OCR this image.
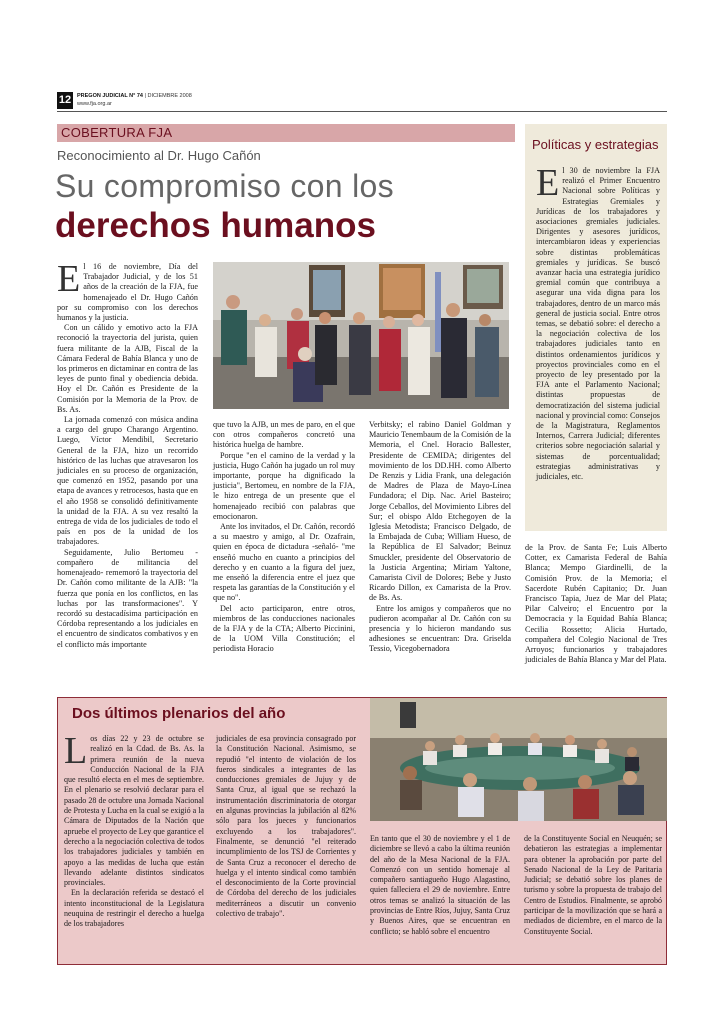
12	PREGON JUDICIAL N° 74 | DICIEMBRE 2008
www.fja.org.ar
COBERTURA FJA
Reconocimiento al Dr. Hugo Cañón
Su compromiso con los
derechos humanos

El 16 de noviembre, Día del Trabajador Judicial, y de los 51 años de la creación de la FJA, fue homenajeado el Dr. Hugo Cañón por su compromiso con los derechos humanos y la justicia.

Con un cálido y emotivo acto la FJA reconoció la trayectoria del jurista, quien fuera militante de la AJB, Fiscal de la Cámara Federal de Bahía Blanca y uno de los primeros en dictaminar en contra de las leyes de punto final y obediencia debida. Hoy el Dr. Cañón es Presidente de la Comisión por la Memoria de la Prov. de Bs. As.

La jornada comenzó con música andina a cargo del grupo Charango Argentino. Luego, Víctor Mendibil, Secretario General de la FJA, hizo un recorrido histórico de las luchas que atravesaron los judiciales en su proceso de organización, que comenzó en 1952, pasando por una etapa de avances y retrocesos, hasta que en el año 1958 se consolidó definitivamente la unidad de la FJA. A su vez resaltó la entrega de vida de los judiciales de todo el país en pos de la unidad de los trabajadores.

Seguidamente, Julio Bertomeu -compañero de militancia del homenajeado- rememoró la trayectoria del Dr. Cañón como militante de la AJB: "la fuerza que ponía en los conflictos, en las luchas por las transformaciones". Y recordó su destacadísima participación en Córdoba representando a los judiciales en el encuentro de sindicatos combativos y en el conflicto más importante

que tuvo la AJB, un mes de paro, en el que con otros compañeros concretó una histórica huelga de hambre.

Porque "en el camino de la verdad y la justicia, Hugo Cañón ha jugado un rol muy importante, porque ha dignificado la justicia", Bertomeu, en nombre de la FJA, le hizo entrega de un presente que el homenajeado recibió con palabras que emocionaron.

Ante los invitados, el Dr. Cañón, recordó a su maestro y amigo, al Dr. Ozafrain, quien en época de dictadura -señaló- "me enseñó mucho en cuanto a principios del derecho y en cuanto a la figura del juez, me enseñó la diferencia entre el juez que respeta las garantías de la Constitución y el que no".

Del acto participaron, entre otros, miembros de las conducciones nacionales de la FJA y de la CTA; Alberto Piccinini, de la UOM Villa Constitución; el periodista Horacio

Verbitsky; el rabino Daniel Goldman y Mauricio Tenembaum de la Comisión de la Memoria, el Cnel. Horacio Ballester, Presidente de CEMIDA; dirigentes del movimiento de los DD.HH. como Alberto De Renzis y Lidia Frank, una delegación de Madres de Plaza de Mayo-Línea Fundadora; el Dip. Nac. Ariel Basteiro; Jorge Ceballos, del Movimiento Libres del Sur; el obispo Aldo Etchegoyen de la Iglesia Metodista; Francisco Delgado, de la Embajada de Cuba; William Hueso, de la República de El Salvador; Beinuz Smuckler, presidente del Observatorio de la Justicia Argentina; Miriam Yaltone, Camarista Civil de Dolores; Bebe y Justo Ricardo Dillon, ex Camarista de la Prov. de Bs. As.

Entre los amigos y compañeros que no pudieron acompañar al Dr. Cañón con su presencia y lo hicieron mandando sus adhesiones se encuentran: Dra. Griselda Tessio, Vicegobernadora

de la Prov. de Santa Fe; Luis Alberto Cotter, ex Camarista Federal de Bahía Blanca; Mempo Giardinelli, de la Comisión Prov. de la Memoria; el Sacerdote Rubén Capitanio; Dr. Juan Francisco Tapia, Juez de Mar del Plata; Pilar Calveiro; el Encuentro por la Democracia y la Equidad Bahía Blanca; Cecilia Rossetto; Alicia Hurtado, compañera del Colegio Nacional de Tres Arroyos; funcionarios y trabajadores judiciales de Bahía Blanca y Mar del Plata.

Políticas y estrategias
El 30 de noviembre la FJA realizó el Primer Encuentro Nacional sobre Políticas y Estrategias Gremiales y Jurídicas de los trabajadores y asociaciones gremiales judiciales. Dirigentes y asesores jurídicos, intercambiaron ideas y experiencias sobre distintas problemáticas gremiales y jurídicas. Se buscó avanzar hacia una estrategia jurídico gremial común que contribuya a asegurar una vida digna para los trabajadores, dentro de un marco más general de justicia social. Entre otros temas, se debatió sobre: el derecho a la negociación colectiva de los trabajadores judiciales tanto en distintos ordenamientos jurídicos y proyectos provinciales como en el proyecto de ley presentado por la FJA ante el Parlamento Nacional; distintas propuestas de democratización del sistema judicial nacional y provincial como: Consejos de la Magistratura, Reglamentos Internos, Carrera Judicial; diferentes criterios sobre negociación salarial y sistemas de porcentualidad; estrategias administrativas y judiciales, etc.
Dos últimos plenarios del año

Los días 22 y 23 de octubre se realizó en la Cdad. de Bs. As. la primera reunión de la nueva Conducción Nacional de la FJA que resultó electa en el mes de septiembre. En el plenario se resolvió declarar para el pasado 28 de octubre una Jornada Nacional de Protesta y Lucha en la cual se exigió a la Cámara de Diputados de la Nación que apruebe el proyecto de Ley que garantice el derecho a la negociación colectiva de todos los trabajadores judiciales y también en apoyo a las medidas de lucha que están llevando adelante distintos sindicatos provinciales.

En la declaración referida se destacó el intento inconstitucional de la Legislatura neuquina de restringir el derecho a huelga de los trabajadores

judiciales de esa provincia consagrado por la Constitución Nacional. Asimismo, se repudió "el intento de violación de los fueros sindicales a integrantes de las conducciones gremiales de Jujuy y de Santa Cruz, al igual que se rechazó la instrumentación discriminatoria de otorgar en algunas provincias la jubilación al 82% sólo para los jueces y funcionarios excluyendo a los trabajadores". Finalmente, se denunció "el reiterado incumplimiento de los TSJ de Corrientes y de Santa Cruz a reconocer el derecho de huelga y el intento sindical como también el desconocimiento de la Corte provincial de Córdoba del derecho de los judiciales mediterráneos a discutir un convenio colectivo de trabajo".

En tanto que el 30 de noviembre y el 1 de diciembre se llevó a cabo la última reunión del año de la Mesa Nacional de la FJA. Comenzó con un sentido homenaje al compañero santiagueño Hugo Alagastino, quien falleciera el 29 de noviembre. Entre otros temas se analizó la situación de las provincias de Entre Ríos, Jujuy, Santa Cruz y Buenos Aires, que se encuentran en conflicto; se habló sobre el encuentro

de la Constituyente Social en Neuquén; se debatieron las estrategias a implementar para obtener la aprobación por parte del Senado Nacional de la Ley de Paritaria Judicial; se debatió sobre los planes de turismo y sobre la propuesta de trabajo del Centro de Estudios. Finalmente, se aprobó participar de la movilización que se hará a mediados de diciembre, en el marco de la Constituyente Social.
